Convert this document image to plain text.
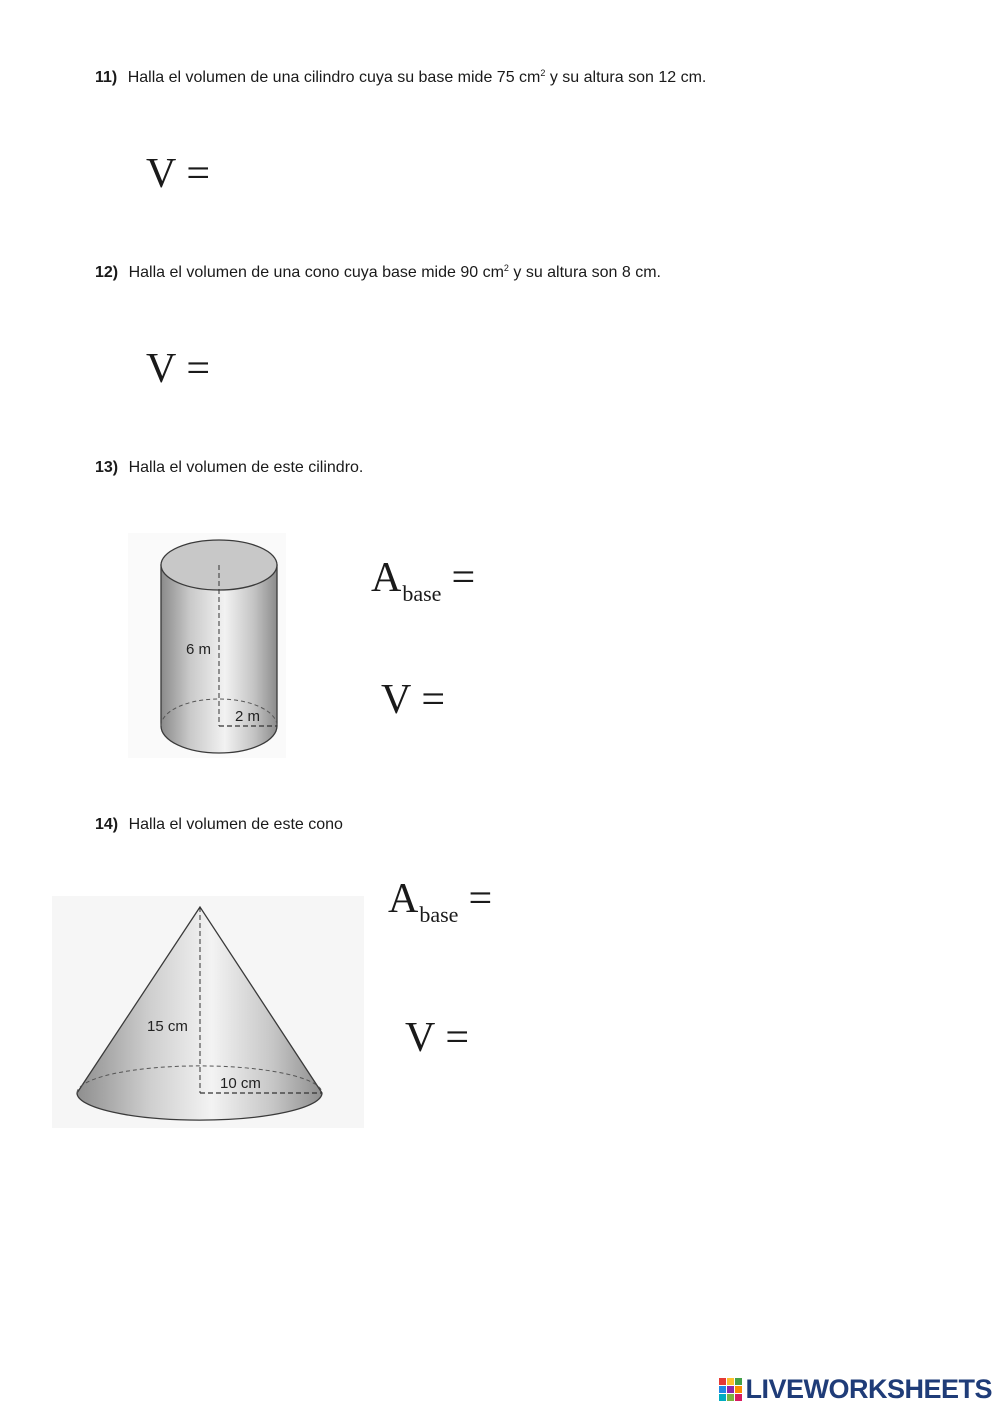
11) Halla el volumen de una cilindro cuya su base mide 75 $cm^2$ y su altura son 12 cm.
V =
12) Halla el volumen de una cono cuya base mide 90 $cm^2$ y su altura son 8 cm.
V =
13) Halla el volumen de este cilindro.
6 m
2 m
$A_{base}$ =
V =
14) Halla el volumen de este cono
15 cm
10 cm
$A_{base}$ =
V =
LIVEWORKSHEETS
